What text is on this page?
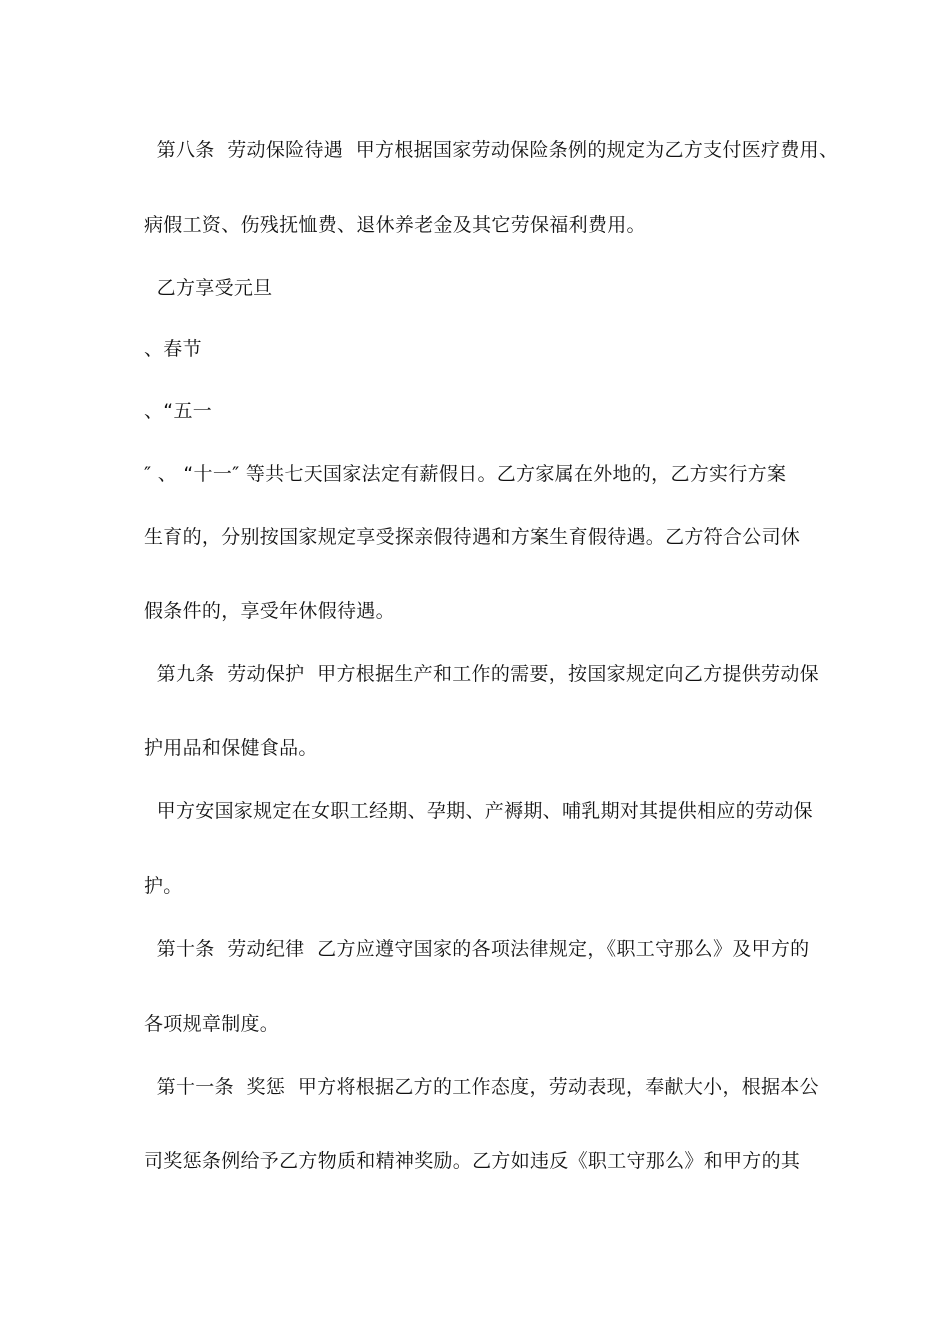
第八条  劳动保险待遇  甲方根据国家劳动保险条例的规定为乙方支付医疗费用、
病假工资、伤残抚恤费、退休养老金及其它劳保福利费用。
乙方享受元旦
、春节
、“五一
″ 、 “十一″ 等共七天国家法定有薪假日。乙方家属在外地的，乙方实行方案
生育的，分别按国家规定享受探亲假待遇和方案生育假待遇。乙方符合公司休
假条件的，享受年休假待遇。
第九条  劳动保护  甲方根据生产和工作的需要，按国家规定向乙方提供劳动保
护用品和保健食品。
甲方安国家规定在女职工经期、孕期、产褥期、哺乳期对其提供相应的劳动保
护。
第十条  劳动纪律  乙方应遵守国家的各项法律规定，《职工守那么》及甲方的
各项规章制度。
第十一条  奖惩  甲方将根据乙方的工作态度，劳动表现，奉献大小，根据本公
司奖惩条例给予乙方物质和精神奖励。乙方如违反《职工守那么》和甲方的其
